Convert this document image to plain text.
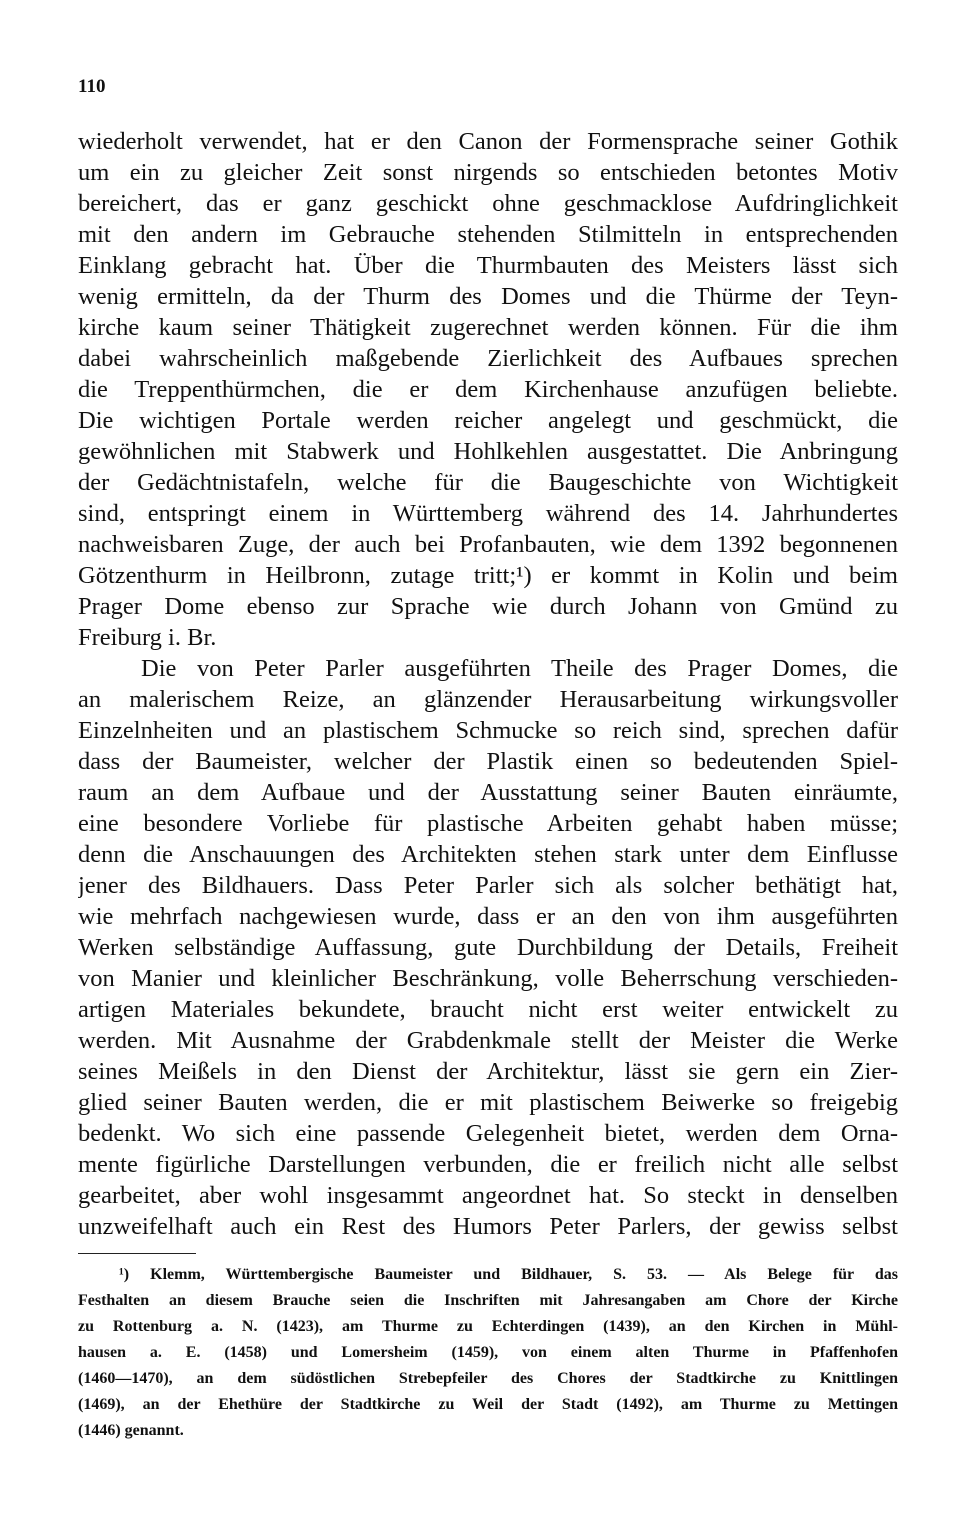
110
wiederholt verwendet, hat er den Canon der Formensprache seiner Gothik
um ein zu gleicher Zeit sonst nirgends so entschieden betontes Motiv
bereichert, das er ganz geschickt ohne geschmacklose Aufdringlichkeit
mit den andern im Gebrauche stehenden Stilmitteln in entsprechenden
Einklang gebracht hat. Über die Thurmbauten des Meisters lässt sich
wenig ermitteln, da der Thurm des Domes und die Thürme der Teyn-
kirche kaum seiner Thätigkeit zugerechnet werden können. Für die ihm
dabei wahrscheinlich maßgebende Zierlichkeit des Aufbaues sprechen
die Treppenthürmchen, die er dem Kirchenhause anzufügen beliebte.
Die wichtigen Portale werden reicher angelegt und geschmückt, die
gewöhnlichen mit Stabwerk und Hohlkehlen ausgestattet. Die Anbringung
der Gedächtnistafeln, welche für die Baugeschichte von Wichtigkeit
sind, entspringt einem in Württemberg während des 14. Jahrhundertes
nachweisbaren Zuge, der auch bei Profanbauten, wie dem 1392 begonnenen
Götzenthurm in Heilbronn, zutage tritt;¹) er kommt in Kolin und beim
Prager Dome ebenso zur Sprache wie durch Johann von Gmünd zu
Freiburg i. Br.
Die von Peter Parler ausgeführten Theile des Prager Domes, die
an malerischem Reize, an glänzender Herausarbeitung wirkungsvoller
Einzelnheiten und an plastischem Schmucke so reich sind, sprechen dafür
dass der Baumeister, welcher der Plastik einen so bedeutenden Spiel-
raum an dem Aufbaue und der Ausstattung seiner Bauten einräumte,
eine besondere Vorliebe für plastische Arbeiten gehabt haben müsse;
denn die Anschauungen des Architekten stehen stark unter dem Einflusse
jener des Bildhauers. Dass Peter Parler sich als solcher bethätigt hat,
wie mehrfach nachgewiesen wurde, dass er an den von ihm ausgeführten
Werken selbständige Auffassung, gute Durchbildung der Details, Freiheit
von Manier und kleinlicher Beschränkung, volle Beherrschung verschieden-
artigen Materiales bekundete, braucht nicht erst weiter entwickelt zu
werden. Mit Ausnahme der Grabdenkmale stellt der Meister die Werke
seines Meißels in den Dienst der Architektur, lässt sie gern ein Zier-
glied seiner Bauten werden, die er mit plastischem Beiwerke so freigebig
bedenkt. Wo sich eine passende Gelegenheit bietet, werden dem Orna-
mente figürliche Darstellungen verbunden, die er freilich nicht alle selbst
gearbeitet, aber wohl insgesammt angeordnet hat. So steckt in denselben
unzweifelhaft auch ein Rest des Humors Peter Parlers, der gewiss selbst
¹) Klemm, Württembergische Baumeister und Bildhauer, S. 53. — Als Belege für das
Festhalten an diesem Brauche seien die Inschriften mit Jahresangaben am Chore der Kirche
zu Rottenburg a. N. (1423), am Thurme zu Echterdingen (1439), an den Kirchen in Mühl-
hausen a. E. (1458) und Lomersheim (1459), von einem alten Thurme in Pfaffenhofen
(1460—1470), an dem südöstlichen Strebepfeiler des Chores der Stadtkirche zu Knittlingen
(1469), an der Ehethüre der Stadtkirche zu Weil der Stadt (1492), am Thurme zu Mettingen
(1446) genannt.
